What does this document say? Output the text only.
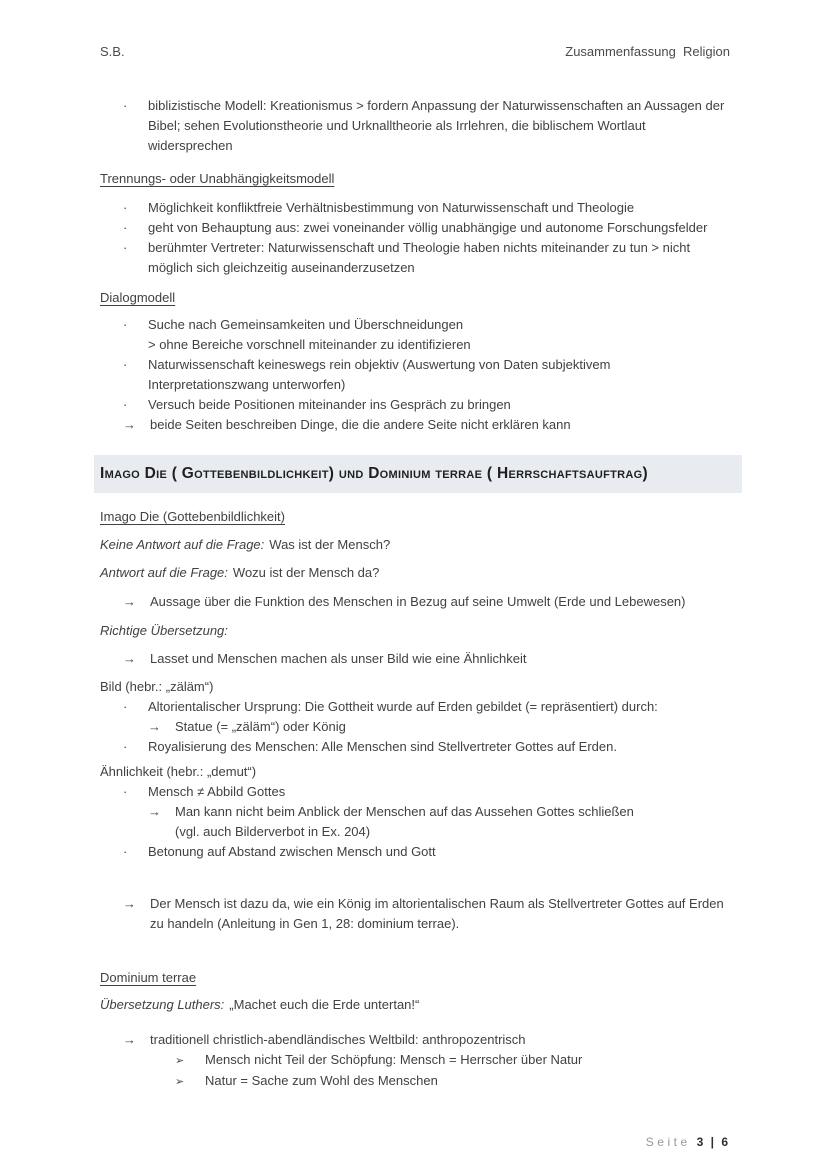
S.B.	Zusammenfassung  Religion
·	biblizistische Modell: Kreationismus > fordern Anpassung der Naturwissenschaften an Aussagen der Bibel; sehen Evolutionstheorie und Urknalltheorie als Irrlehren, die biblischem Wortlaut widersprechen
Trennungs- oder Unabhängigkeitsmodell
·	Möglichkeit konfliktfreie Verhältnisbestimmung von Naturwissenschaft und Theologie
·	geht von Behauptung aus: zwei voneinander völlig unabhängige und autonome Forschungsfelder
·	berühmter Vertreter: Naturwissenschaft und Theologie haben nichts miteinander zu tun > nicht möglich sich gleichzeitig auseinanderzusetzen
Dialogmodell
·	Suche nach Gemeinsamkeiten und Überschneidungen
> ohne Bereiche vorschnell miteinander zu identifizieren
·	Naturwissenschaft keineswegs rein objektiv (Auswertung von Daten subjektivem Interpretationszwang unterworfen)
·	Versuch beide Positionen miteinander ins Gespräch zu bringen
→	beide Seiten beschreiben Dinge, die die andere Seite nicht erklären kann
Imago Die ( Gottebenbildlichkeit) und Dominium terrae ( Herrschaftsauftrag)
Imago Die (Gottebenbildlichkeit)
Keine Antwort auf die Frage: Was ist der Mensch?
Antwort auf die Frage: Wozu ist der Mensch da?
→	Aussage über die Funktion des Menschen in Bezug auf seine Umwelt (Erde und Lebewesen)
Richtige Übersetzung:
→	Lasset und Menschen machen als unser Bild wie eine Ähnlichkeit
Bild (hebr.: „zäläm“)
·	Altorientalischer Ursprung: Die Gottheit wurde auf Erden gebildet (= repräsentiert) durch:
→	Statue (= „zäläm“) oder König
·	Royalisierung des Menschen: Alle Menschen sind Stellvertreter Gottes auf Erden.
Ähnlichkeit (hebr.: „demut“)
·	Mensch ≠ Abbild Gottes
→	Man kann nicht beim Anblick der Menschen auf das Aussehen Gottes schließen
(vgl. auch Bilderverbot in Ex. 204)
·	Betonung auf Abstand zwischen Mensch und Gott
→	Der Mensch ist dazu da, wie ein König im altorientalischen Raum als Stellvertreter Gottes auf Erden zu handeln (Anleitung in Gen 1, 28: dominium terrae).
Dominium terrae
Übersetzung Luthers: „Machet euch die Erde untertan!“
→	traditionell christlich-abendländisches Weltbild: anthropozentrisch
➢	Mensch nicht Teil der Schöpfung: Mensch = Herrscher über Natur
➢	Natur = Sache zum Wohl des Menschen
Seite 3 | 6
